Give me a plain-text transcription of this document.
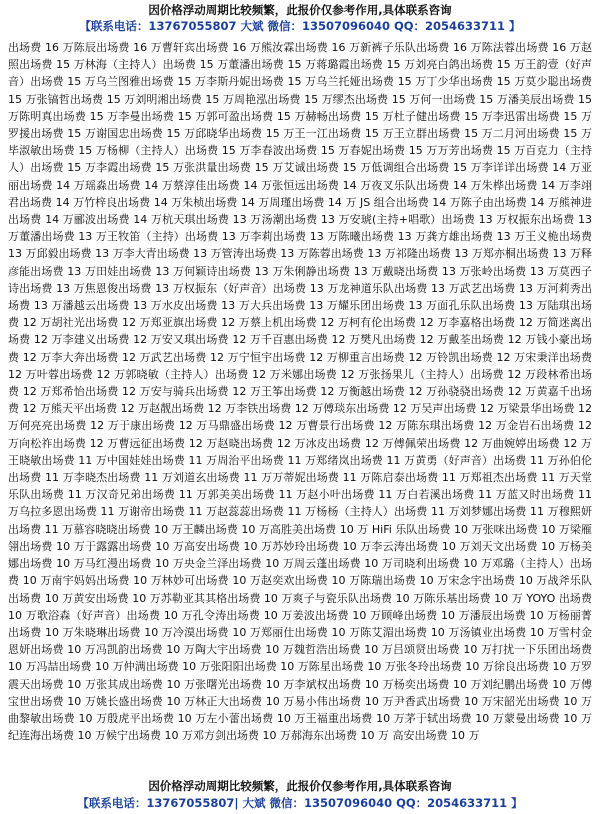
因价格浮动周期比较频繁，此报价仅参考作用,具体联系咨询
【联系电话：13767055807 大斌 微信：13507096040 QQ：2054633711 】
出场费 16 万陈辰出场费 16 万曹轩宾出场费 16 万熊汝霖出场费 16 万新裤子乐队出场费 16 万陈法蓉出场费 16 万赵照出场费 15 万林海（主持人）出场费 15 万董潘出场费 15 万蒋璐霞出场费 15 万刘亮白鸽出场费 15 万王韵壹（好声音）出场费 15 万乌兰图雅出场费 15 万李斯丹妮出场费 15 万乌兰托娅出场费 15 万丁少华出场费 15 万莫少聪出场费 15 万张镐哲出场费 15 万刘明湘出场费 15 万周艳泓出场费 15 万缪杰出场费 15 万何一出场费 15 万潘美辰出场费 15 万陈明真出场费 15 万李曼出场费 15 万郭可盈出场费 15 万赫畅出场费 15 万杜子健出场费 15 万李迅雷出场费 15 万罗援出场费 15 万谢国忠出场费 15 万邱晓华出场费 15 万王一江出场费 15 万王立群出场费 15 万二月河出场费 15 万毕淑敏出场费 15 万杨柳（主持人）出场费 15 万李春波出场费 15 万春妮出场费 15 万万芳出场费 15 万百克力（主持人）出场费 15 万李霞出场费 15 万张洪量出场费 15 万艾诚出场费 15 万低调组合出场费 15 万李详详出场费 14 万亚丽出场费 14 万瑶淼出场费 14 万蔡淳佳出场费 14 万张恒远出场费 14 万夜叉乐队出场费 14 万朱桦出场费 14 万李翊君出场费 14 万竹梓良出场费 14 万朱桢出场费 14 万周瑾出场费 14 万 JS 组合出场费 14 万陈子由出场费 14 万熊神进出场费 14 万郦波出场费 14 万杭天琪出场费 13 万汤潮出场费 13 万安琥(主持+唱歌）出场费 13 万权振东出场费 13 万董潘出场费 13 万王牧笛（主持）出场费 13 万李莉出场费 13 万陈曦出场费 13 万龚方雄出场费 13 万王义桅出场费 13 万邱毅出场费 13 万李大青出场费 13 万管涛出场费 13 万陈蓉出场费 13 万祁隆出场费 13 万郑亦桐出场费 13 万释彦能出场费 13 万田娃出场费 13 万何颖诗出场费 13 万朱俐静出场费 13 万戴晓出场费 13 万张岭出场费 13 万莫西子诗出场费 13 万焦恩俊出场费 13 万权振东（好声音）出场费 13 万龙神道乐队出场费 13 万武艺出场费 13 万河莉秀出场费 13 万潘越云出场费 13 万水皮出场费 13 万大兵出场费 13 万耀乐团出场费 13 万面孔乐队出场费 13 万陆琪出场费 12 万胡社光出场费 12 万郑亚旗出场费 12 万蔡上机出场费 12 万柯有伦出场费 12 万李嘉格出场费 12 万简迷离出场费 12 万李建义出场费 12 万安又琪出场费 12 万千百惠出场费 12 万樊凡出场费 12 万戴荃出场费 12 万钱小豪出场费 12 万李大奔出场费 12 万武艺出场费 12 万宁恒宇出场费 12 万柳重言出场费 12 万铃凯出场费 12 万宋秉洋出场费 12 万叶蓉出场费 12 万郭晓敏（主持人）出场费 12 万米娜出场费 12 万张扬果儿（主持人）出场费 12 万段林希出场费 12 万郑希怡出场费 12 万安与骑兵出场费 12 万王筝出场费 12 万衡越出场费 12 万孙骁骁出场费 12 万黄嘉千出场费 12 万熊天平出场费 12 万赵靓出场费 12 万李铁出场费 12 万傅琰东出场费 12 万吴声出场费 12 万梁景华出场费 12 万何亮亮出场费 12 万于康出场费 12 万马鼎盛出场费 12 万曹景行出场费 12 万陈东琪出场费 12 万金岩石出场费 12 万向松祚出场费 12 万曹远征出场费 12 万赵晓出场费 12 万冰皮出场费 12 万傅佩荣出场费 12 万曲婉婷出场费 12 万王晓敏出场费 11 万中国娃娃出场费 11 万周治平出场费 11 万郑绪岚出场费 11 万黄勇（好声音）出场费 11 万孙伯伦出场费 11 万李晓杰出场费 11 万刘道玄出场费 11 万万蒂妮出场费 11 万陈启泰出场费 11 万郑祖杰出场费 11 万天堂乐队出场费 11 万汉奇兄弟出场费 11 万郭美美出场费 11 万赵小叶出场费 11 万白若溪出场费 11 万蓝又时出场费 11 万乌拉多恩出场费 11 万谢帝出场费 11 万赵蕊蕊出场费 11 万杨杨（主持人）出场费 11 万刘梦娜出场费 11 万穆熙妍出场费 11 万慕容晓晓出场费 10 万王麟出场费 10 万高胜美出场费 10 万 HiFi 乐队出场费 10 万张咪出场费 10 万梁雁翎出场费 10 万于露露出场费 10 万高安出场费 10 万苏妙玲出场费 10 万李云涛出场费 10 万刘天文出场费 10 万杨美娜出场费 10 万马红漫出场费 10 万央金兰泽出场费 10 万周云蓬出场费 10 万司晓利出场费 10 万邓璐（主持人）出场费 10 万南宇妈妈出场费 10 万林妙可出场费 10 万赵奕欢出场费 10 万陈瑞出场费 10 万宋念宇出场费 10 万战斧乐队出场费 10 万黄安出场费 10 万苏勒亚其其格出场费 10 万爽子与瓷乐队出场费 10 万陈乐基出场费 10 万 YOYO 出场费 10 万歌浴森（好声音）出场费 10 万孔令涛出场费 10 万姜波出场费 10 万顾峰出场费 10 万潘辰出场费 10 万杨丽菁出场费 10 万朱晓琳出场费 10 万冷漠出场费 10 万郑丽仕出场费 10 万陈艾湄出场费 10 万汤镇业出场费 10 万雪村金恩妍出场费 10 万冯凯韵出场费 10 万陶大宇出场费 10 万魏哲浩出场费 10 万吕颂贤出场费 10 万打扰一下乐团出场费 10 万冯喆出场费 10 万仲满出场费 10 万张阳阳出场费 10 万陈星出场费 10 万张冬玲出场费 10 万徐良出场费 10 万罗震天出场费 10 万张其成出场费 10 万张曙光出场费 10 万李斌权出场费 10 万杨奕出场费 10 万刘纪鹏出场费 10 万傅宝世出场费 10 万姚长盛出场费 10 万林正大出场费 10 万易小伟出场费 10 万尹香武出场费 10 万宋韶光出场费 10 万曲黎敏出场费 10 万殷虎平出场费 10 万左小蕾出场费 10 万王福重出场费 10 万茅于轼出场费 10 万蒙曼出场费 10 万纪连海出场费 10 万候宁出场费 10 万邓方剑出场费 10 万郝海东出场费 10 万 高安出场费 10 万
因价格浮动周期比较频繁，此报价仅参考作用,具体联系咨询
【联系电话：13767055807| 大斌 微信：13507096040 QQ：2054633711 】
